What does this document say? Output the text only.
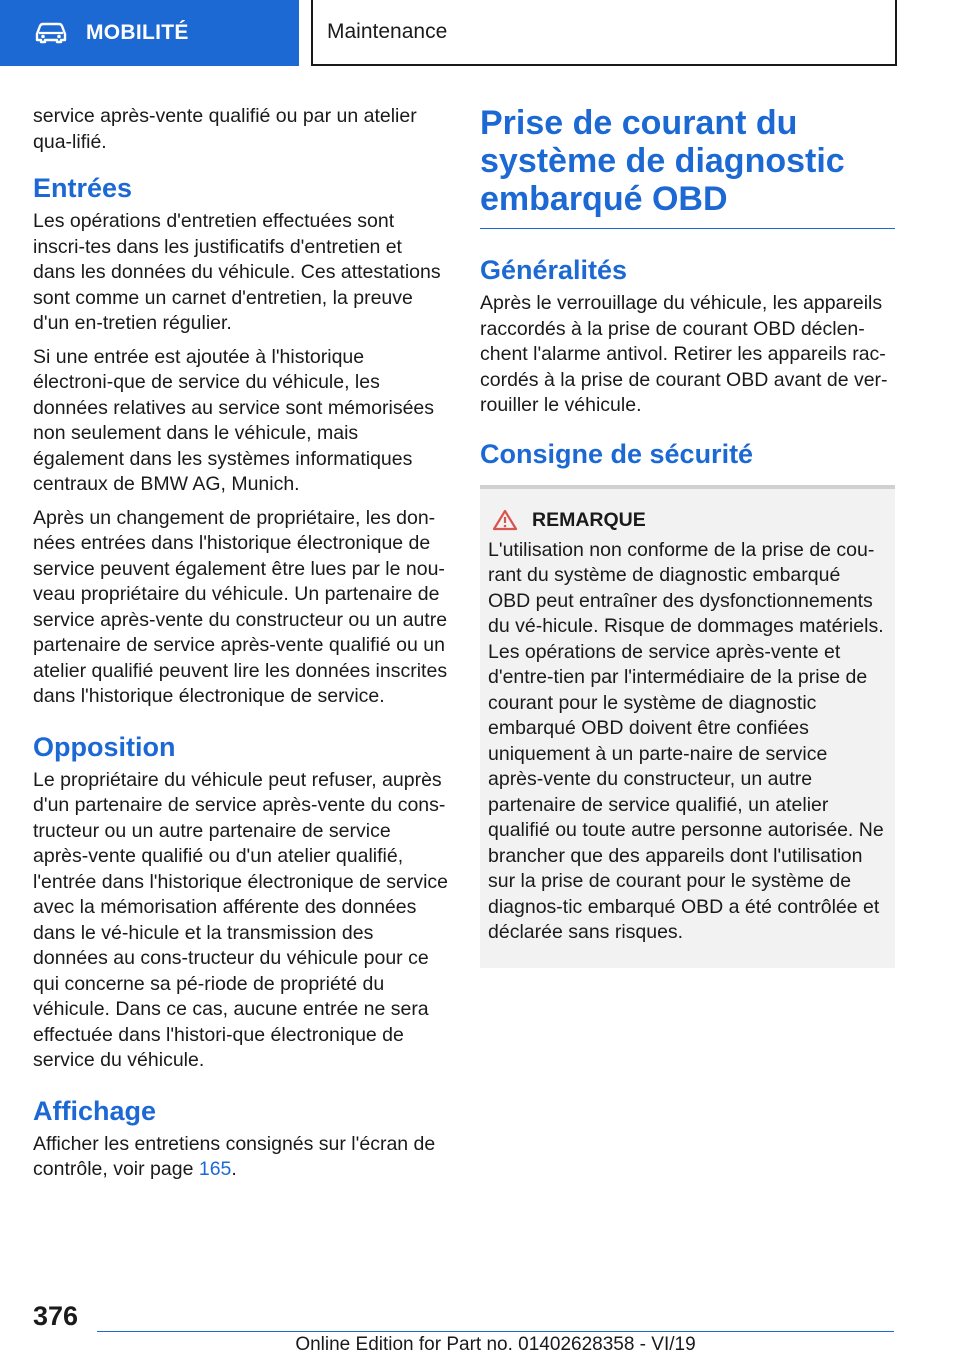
MOBILITÉ	Maintenance

service après-vente qualifié ou par un atelier qua-lifié.

Entrées

Les opérations d'entretien effectuées sont inscri-tes dans les justificatifs d'entretien et dans les données du véhicule. Ces attestations sont comme un carnet d'entretien, la preuve d'un en-tretien régulier.

Si une entrée est ajoutée à l'historique électroni-que de service du véhicule, les données relatives au service sont mémorisées non seulement dans le véhicule, mais également dans les systèmes informatiques centraux de BMW AG, Munich.

Après un changement de propriétaire, les don-nées entrées dans l'historique électronique de service peuvent également être lues par le nou-veau propriétaire du véhicule. Un partenaire de service après-vente du constructeur ou un autre partenaire de service après-vente qualifié ou un atelier qualifié peuvent lire les données inscrites dans l'historique électronique de service.

Opposition

Le propriétaire du véhicule peut refuser, auprès d'un partenaire de service après-vente du cons-tructeur ou un autre partenaire de service après-vente qualifié ou d'un atelier qualifié, l'entrée dans l'historique électronique de service avec la mémorisation afférente des données dans le vé-hicule et la transmission des données au cons-tructeur du véhicule pour ce qui concerne sa pé-riode de propriété du véhicule. Dans ce cas, aucune entrée ne sera effectuée dans l'histori-que électronique de service du véhicule.

Affichage

Afficher les entretiens consignés sur l'écran de contrôle, voir page 165.

Prise de courant du système de diagnostic embarqué OBD
Généralités

Après le verrouillage du véhicule, les appareils raccordés à la prise de courant OBD déclen-chent l'alarme antivol. Retirer les appareils rac-cordés à la prise de courant OBD avant de ver-rouiller le véhicule.

Consigne de sécurité
REMARQUE

L'utilisation non conforme de la prise de cou-rant du système de diagnostic embarqué OBD peut entraîner des dysfonctionnements du vé-hicule. Risque de dommages matériels. Les opérations de service après-vente et d'entre-tien par l'intermédiaire de la prise de courant pour le système de diagnostic embarqué OBD doivent être confiées uniquement à un parte-naire de service après-vente du constructeur, un autre partenaire de service qualifié, un atelier qualifié ou toute autre personne autorisée. Ne brancher que des appareils dont l'utilisation sur la prise de courant pour le système de diagnos-tic embarqué OBD a été contrôlée et déclarée sans risques.

376
Online Edition for Part no. 01402628358 - VI/19
